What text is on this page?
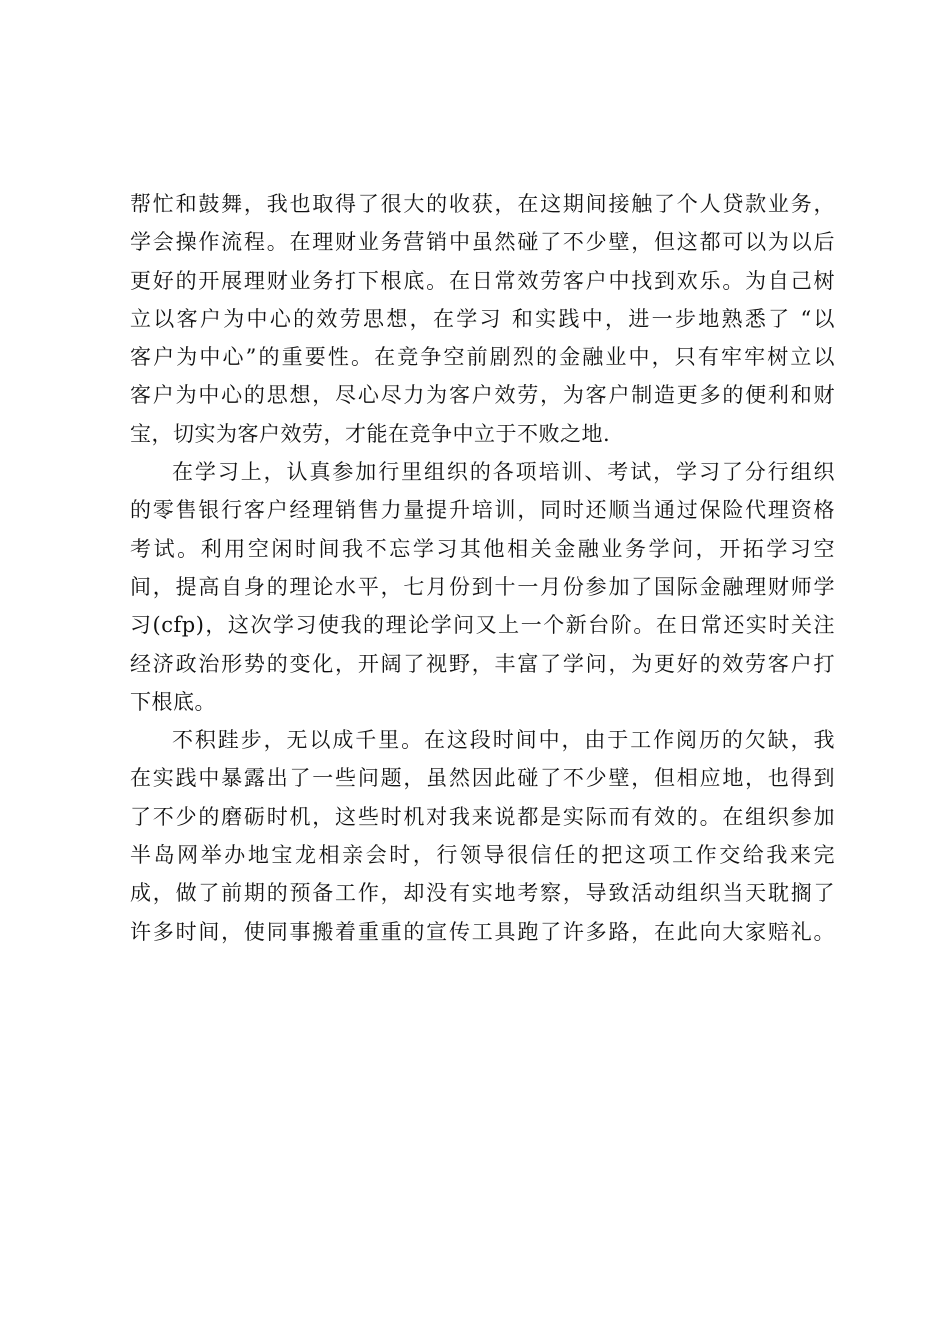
帮忙和鼓舞，我也取得了很大的收获，在这期间接触了个人贷款业务，
学会操作流程。在理财业务营销中虽然碰了不少壁，但这都可以为以后
更好的开展理财业务打下根底。在日常效劳客户中找到欢乐。为自己树
立以客户为中心的效劳思想，在学习 和实践中，进一步地熟悉了 “以
客户为中心”的重要性。在竞争空前剧烈的金融业中，只有牢牢树立以
客户为中心的思想，尽心尽力为客户效劳，为客户制造更多的便利和财
宝，切实为客户效劳，才能在竞争中立于不败之地.
在学习上，认真参加行里组织的各项培训、考试，学习了分行组织
的零售银行客户经理销售力量提升培训，同时还顺当通过保险代理资格
考试。利用空闲时间我不忘学习其他相关金融业务学问，开拓学习空
间，提高自身的理论水平，七月份到十一月份参加了国际金融理财师学
习(cfp)，这次学习使我的理论学问又上一个新台阶。在日常还实时关注
经济政治形势的变化，开阔了视野，丰富了学问，为更好的效劳客户打
下根底。
不积跬步，无以成千里。在这段时间中，由于工作阅历的欠缺，我
在实践中暴露出了一些问题，虽然因此碰了不少壁，但相应地，也得到
了不少的磨砺时机，这些时机对我来说都是实际而有效的。在组织参加
半岛网举办地宝龙相亲会时，行领导很信任的把这项工作交给我来完
成，做了前期的预备工作，却没有实地考察，导致活动组织当天耽搁了
许多时间，使同事搬着重重的宣传工具跑了许多路，在此向大家赔礼。
